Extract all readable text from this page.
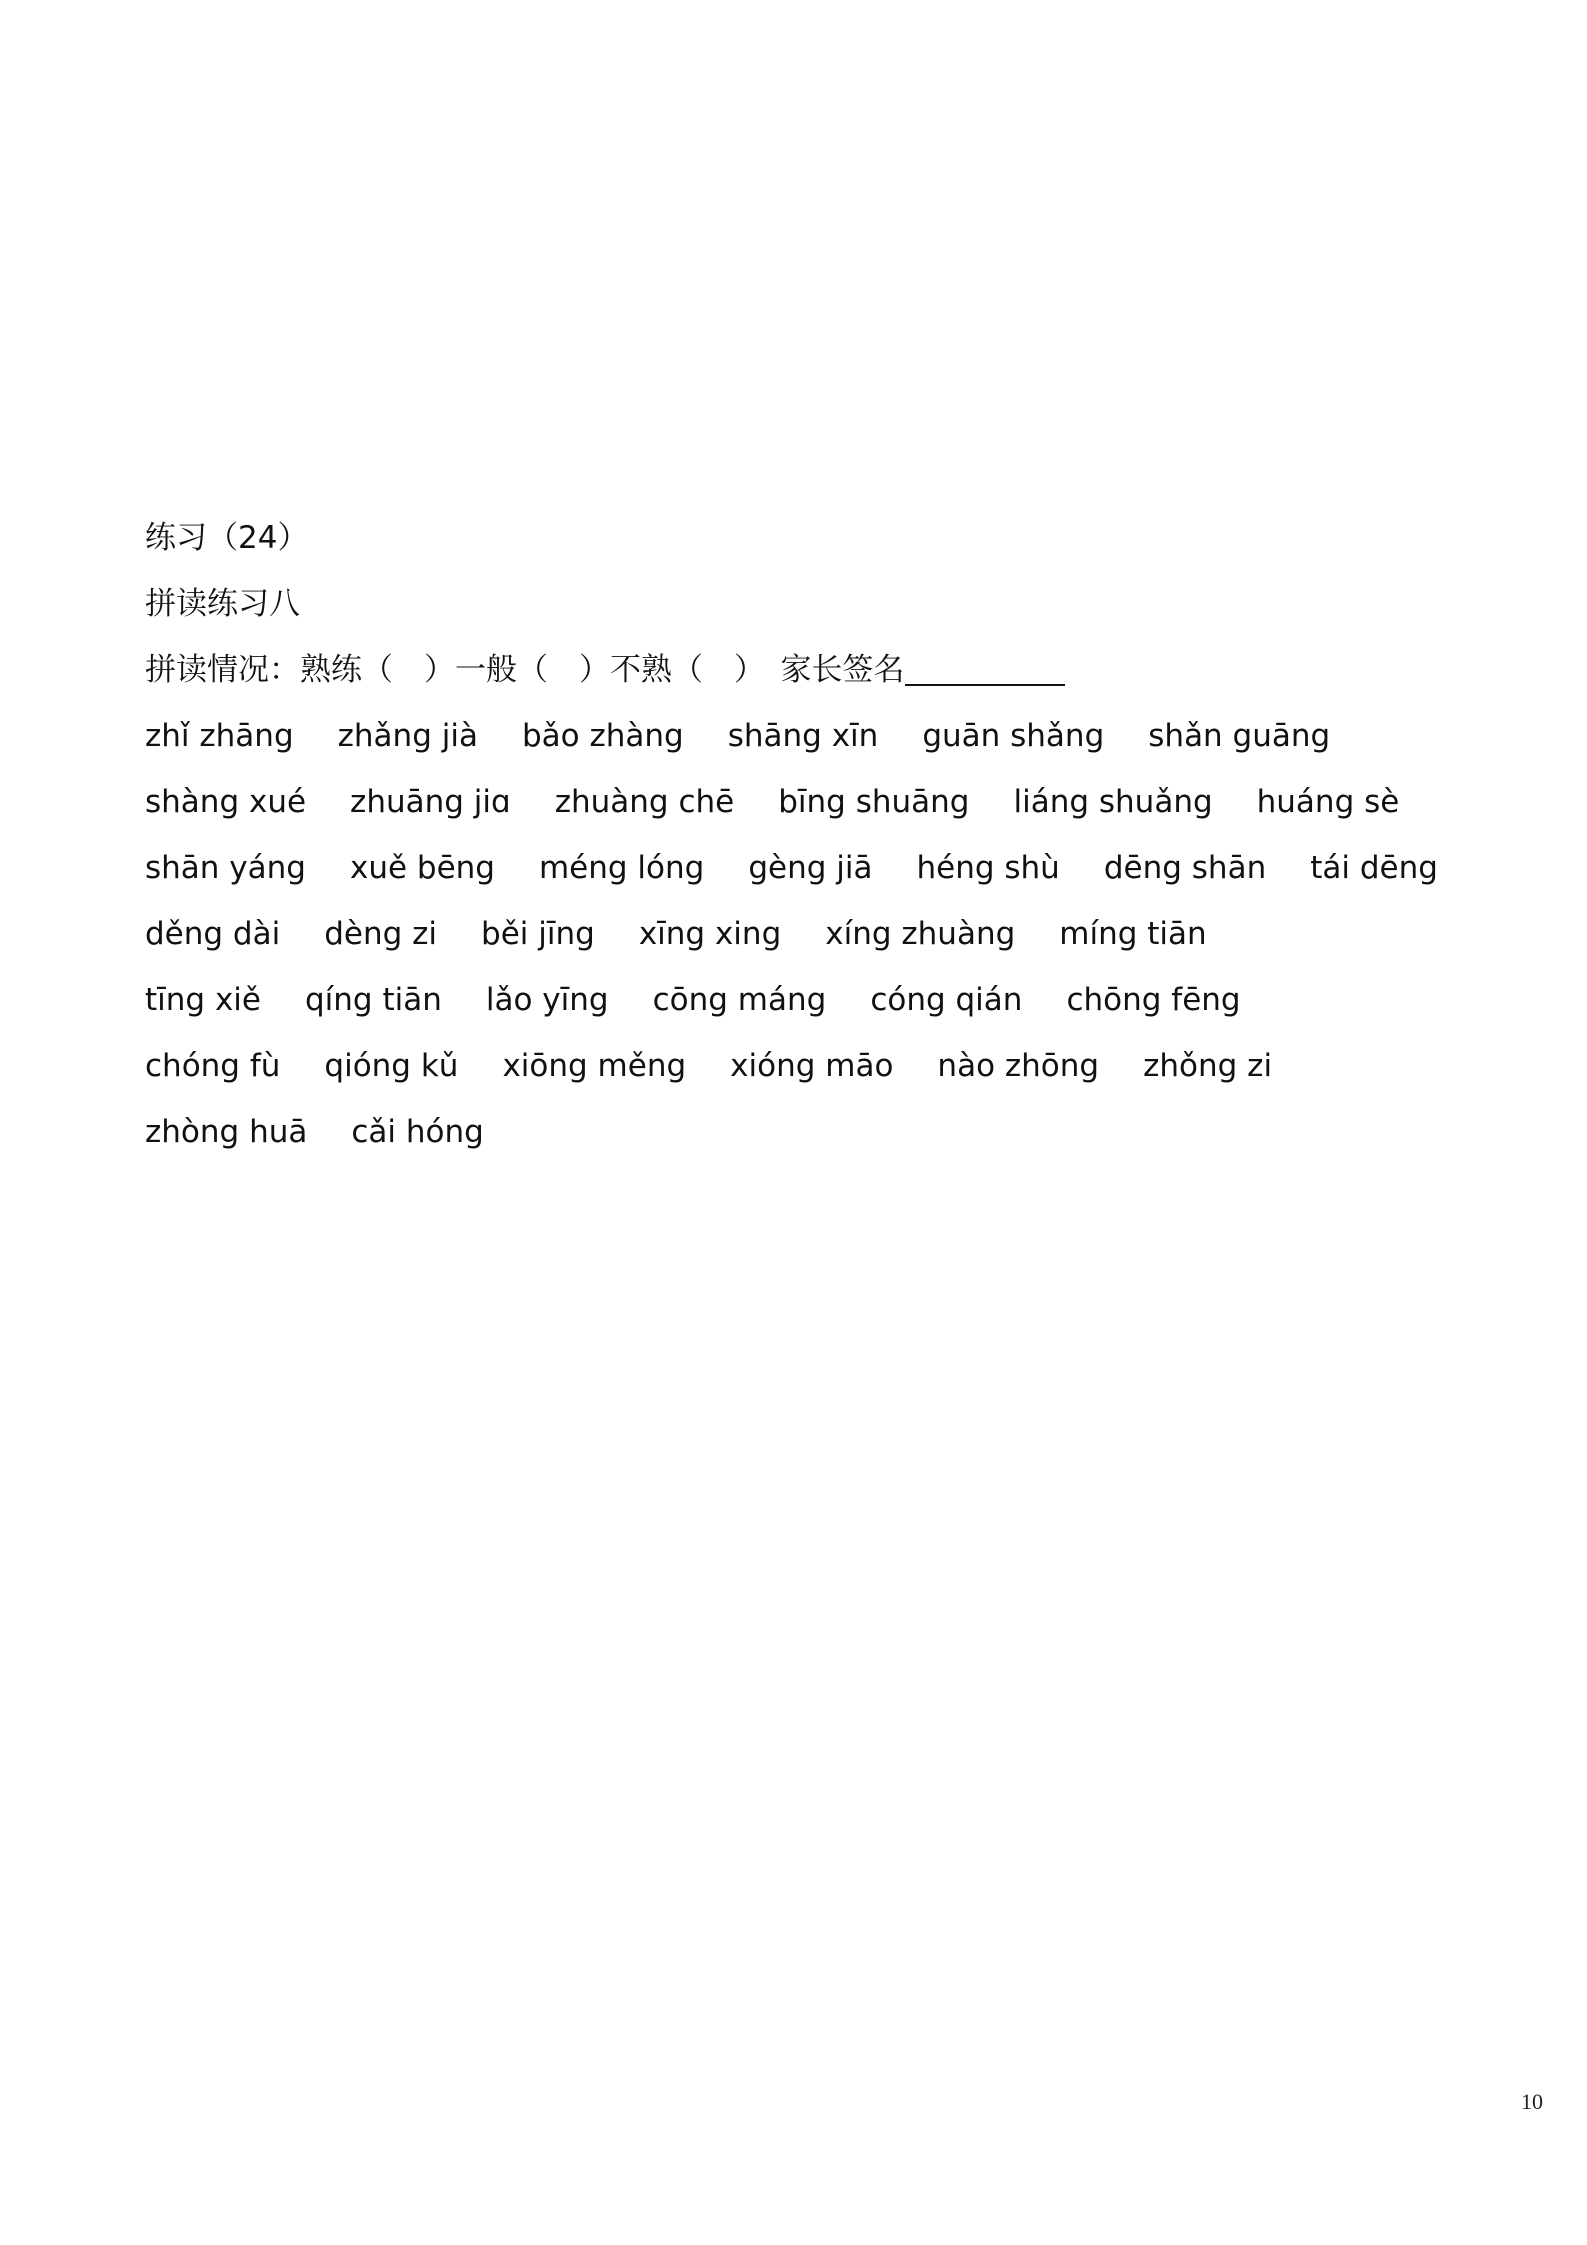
练习（24）
拼读练习八
拼读情况：熟练（　）一般（　）不熟（　）　家长签名
zhǐ zhāng zhǎng jià bǎo zhàng shāng xīn guān shǎng shǎn guāng
shàng xué zhuāng jiɑ zhuàng chē bīng shuāng liáng shuǎng huáng sè
shān yáng xuě bēng méng lóng gèng jiā héng shù dēng shān tái dēng
děng dài dèng zi běi jīng xīng xing xíng zhuàng míng tiān
tīng xiě qíng tiān lǎo yīng cōng máng cóng qián chōng fēng
chóng fù qióng kǔ xiōng měng xióng māo nào zhōng zhǒng zi
zhòng huā cǎi hóng
10
